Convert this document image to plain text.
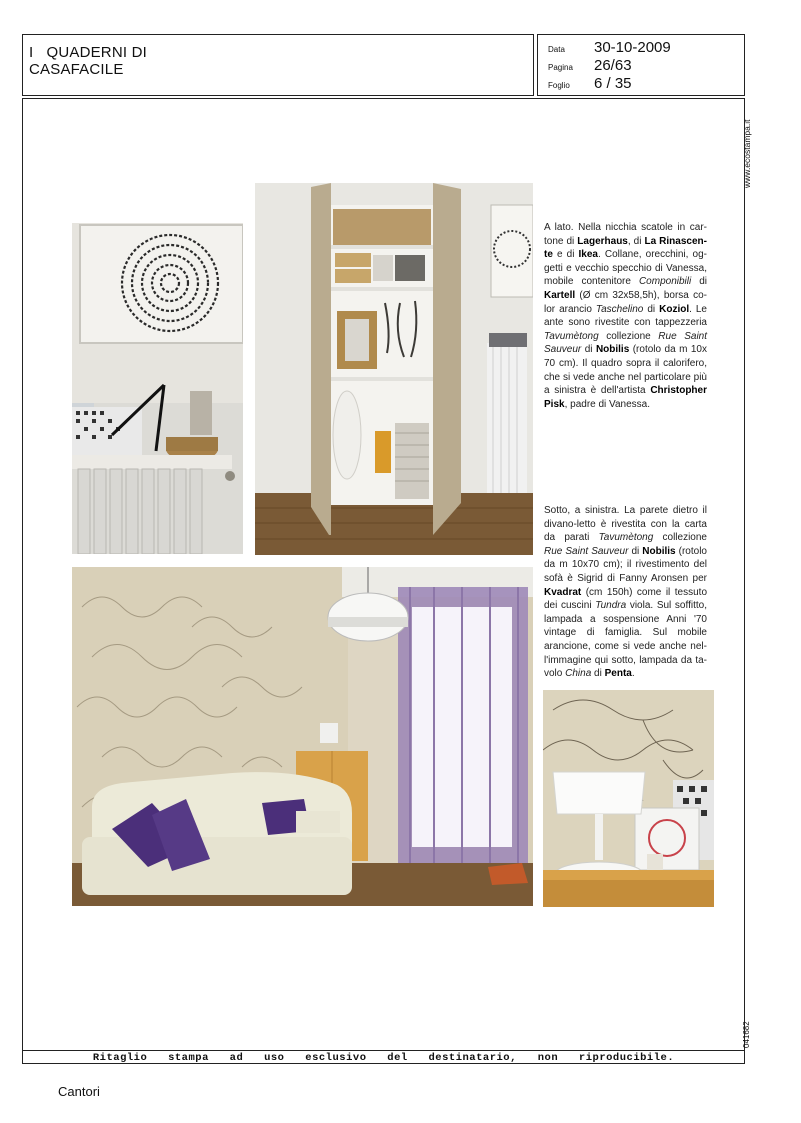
I   QUADERNI DI
CASAFACILE
Data	30-10-2009
Pagina	26/63
Foglio	6 / 35
www.ecostampa.it
041682
A lato. Nella nicchia scatole in cartone di Lagerhaus, di La Rinascente e di Ikea. Collane, orecchini, oggetti e vecchio specchio di Vanessa, mobile contenitore Componibili di Kartell (Ø cm 32x58,5h), borsa color arancio Taschelino di Koziol. Le ante sono rivestite con tappezzeria Tavumètong collezione Rue Saint Sauveur di Nobilis (rotolo da m 10x 70 cm). Il quadro sopra il calorifero, che si vede anche nel particolare più a sinistra è dell'artista Christopher Pisk, padre di Vanessa.
Sotto, a sinistra. La parete dietro il divano-letto è rivestita con la carta da parati Tavumètong collezione Rue Saint Sauveur di Nobilis (rotolo da m 10x70 cm); il rivestimento del sofà è Sigrid di Fanny Aronsen per Kvadrat (cm 150h) come il tessuto dei cuscini Tundra viola. Sul soffitto, lampada a sospensione Anni '70 vintage di famiglia. Sul mobile arancione, come si vede anche nell'immagine qui sotto, lampada da tavolo China di Penta.
Ritaglio stampa ad uso esclusivo del destinatario, non riproducibile.
Cantori
